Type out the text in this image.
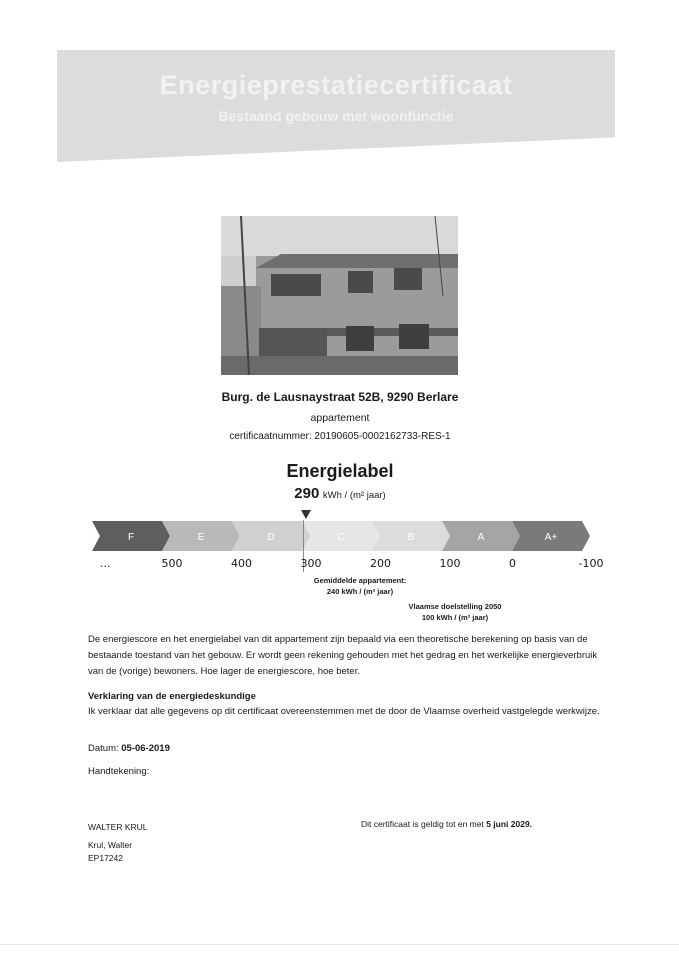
Energieprestatiecertificaat
Bestaand gebouw met woonfunctie
Burg. de Lausnaystraat 52B, 9290 Berlare
appartement
certificaatnummer: 20190605-0002162733-RES-1
Energielabel
290 kWh / (m² jaar)
F	E	D	C	B	A	A+
...	500	400	300	200	100	0	-100
Gemiddelde appartement:
240 kWh / (m² jaar)
Vlaamse doelstelling 2050
100 kWh / (m² jaar)
De energiescore en het energielabel van dit appartement zijn bepaald via een theoretische berekening op basis van de bestaande toestand van het gebouw. Er wordt geen rekening gehouden met het gedrag en het werkelijke energieverbruik van de (vorige) bewoners. Hoe lager de energiescore, hoe beter.
Verklaring van de energiedeskundige
Ik verklaar dat alle gegevens op dit certificaat overeenstemmen met de door de Vlaamse overheid vastgelegde werkwijze.
Datum: 05-06-2019
Handtekening:
WALTER KRUL
Krul, Walter
EP17242
Dit certificaat is geldig tot en met 5 juni 2029.
